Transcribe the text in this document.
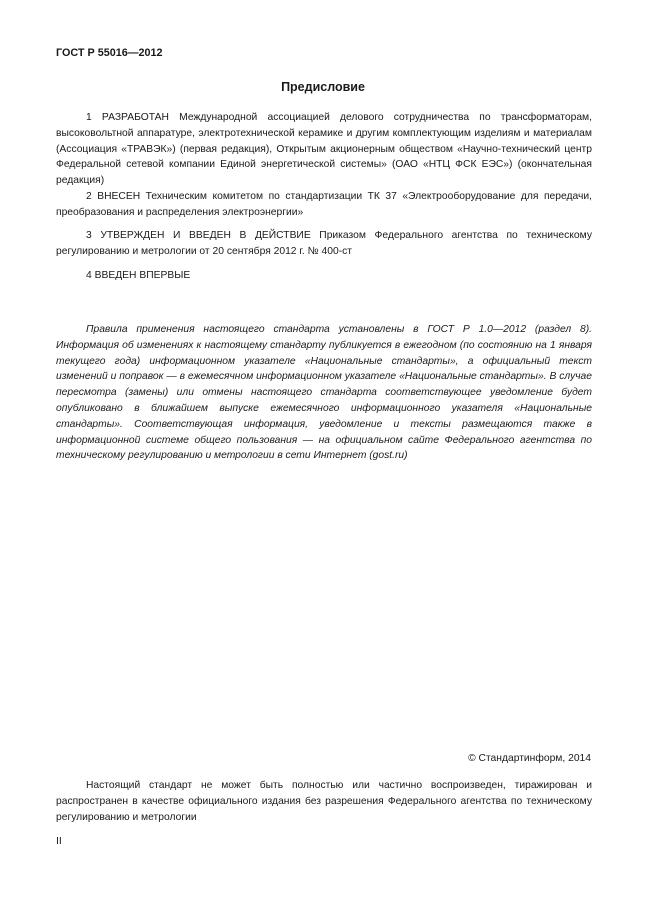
ГОСТ Р 55016—2012
Предисловие

1 РАЗРАБОТАН Международной ассоциацией делового сотрудничества по трансформаторам, высоковольтной аппаратуре, электротехнической керамике и другим комплектующим изделиям и материалам (Ассоциация «ТРАВЭК») (первая редакция), Открытым акционерным обществом «Научно-технический центр Федеральной сетевой компании Единой энергетической системы» (ОАО «НТЦ ФСК ЕЭС») (окончательная редакция)

2 ВНЕСЕН Техническим комитетом по стандартизации ТК 37 «Электрооборудование для передачи, преобразования и распределения электроэнергии»

3 УТВЕРЖДЕН И ВВЕДЕН В ДЕЙСТВИЕ Приказом Федерального агентства по техническому регулированию и метрологии от 20 сентября 2012 г. № 400-ст

4 ВВЕДЕН ВПЕРВЫЕ

Правила применения настоящего стандарта установлены в ГОСТ Р 1.0—2012 (раздел 8). Информация об изменениях к настоящему стандарту публикуется в ежегодном (по состоянию на 1 января текущего года) информационном указателе «Национальные стандарты», а официальный текст изменений и поправок — в ежемесячном информационном указателе «Национальные стандарты». В случае пересмотра (замены) или отмены настоящего стандарта соответствующее уведомление будет опубликовано в ближайшем выпуске ежемесячного информационного указателя «Национальные стандарты». Соответствующая информация, уведомление и тексты размещаются также в информационной системе общего пользования — на официальном сайте Федерального агентства по техническому регулированию и метрологии в сети Интернет (gost.ru)

© Стандартинформ, 2014

Настоящий стандарт не может быть полностью или частично воспроизведен, тиражирован и распространен в качестве официального издания без разрешения Федерального агентства по техническому регулированию и метрологии

II
